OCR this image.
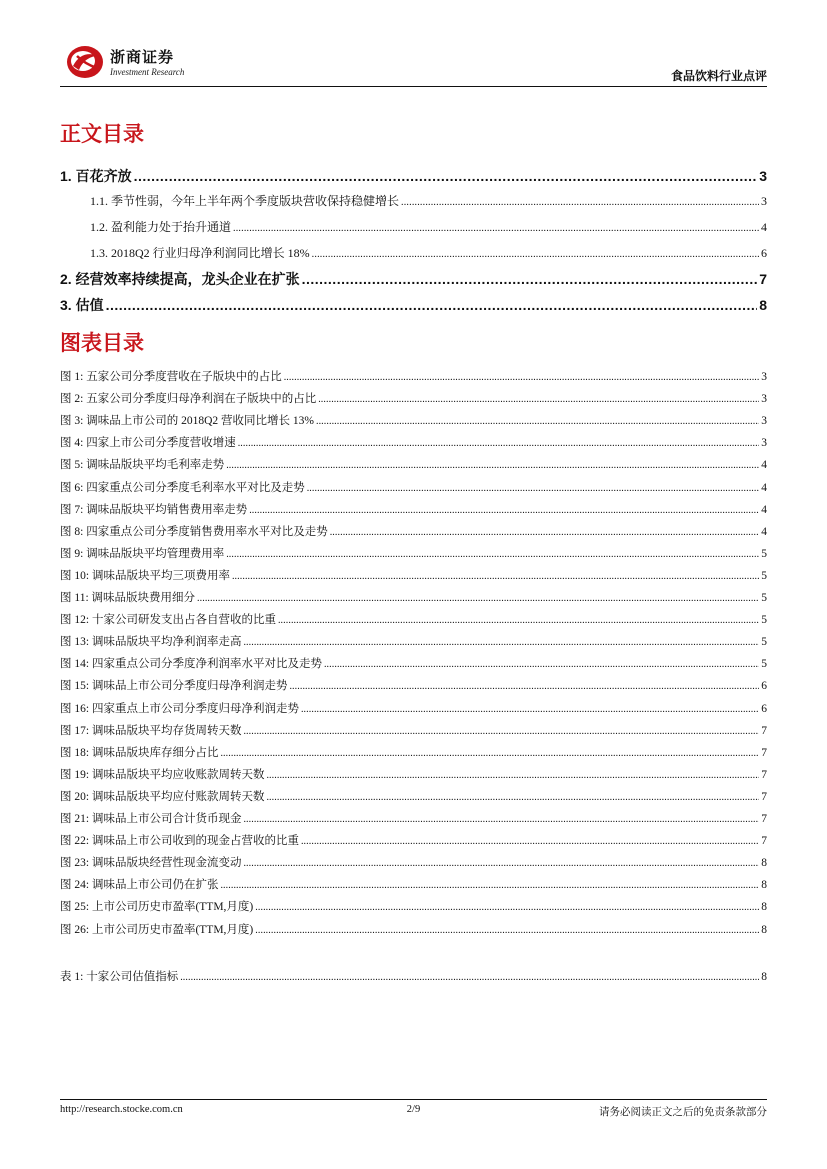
浙商证券
Investment Research	食品饮料行业点评
正文目录
1. 百花齐放 .....	3
1.1. 季节性弱，今年上半年两个季度版块营收保持稳健增长 .....	3
1.2. 盈利能力处于抬升通道 .....	4
1.3. 2018Q2 行业归母净利润同比增长 18% .....	6
2. 经营效率持续提高，龙头企业在扩张 .....	7
3. 估值 .....	8
图表目录
图 1: 五家公司分季度营收在子版块中的占比 .....	3
图 2: 五家公司分季度归母净利润在子版块中的占比 .....	3
图 3: 调味品上市公司的 2018Q2 营收同比增长 13% .....	3
图 4: 四家上市公司分季度营收增速 .....	3
图 5: 调味品版块平均毛利率走势 .....	4
图 6: 四家重点公司分季度毛利率水平对比及走势 .....	4
图 7: 调味品版块平均销售费用率走势 .....	4
图 8: 四家重点公司分季度销售费用率水平对比及走势 .....	4
图 9: 调味品版块平均管理费用率 .....	5
图 10: 调味品版块平均三项费用率 .....	5
图 11: 调味品版块费用细分 .....	5
图 12: 十家公司研发支出占各自营收的比重 .....	5
图 13: 调味品版块平均净利润率走高 .....	5
图 14: 四家重点公司分季度净利润率水平对比及走势 .....	5
图 15: 调味品上市公司分季度归母净利润走势 .....	6
图 16: 四家重点上市公司分季度归母净利润走势 .....	6
图 17: 调味品版块平均存货周转天数 .....	7
图 18: 调味品版块库存细分占比 .....	7
图 19: 调味品版块平均应收账款周转天数 .....	7
图 20: 调味品版块平均应付账款周转天数 .....	7
图 21: 调味品上市公司合计货币现金 .....	7
图 22: 调味品上市公司收到的现金占营收的比重 .....	7
图 23: 调味品版块经营性现金流变动 .....	8
图 24: 调味品上市公司仍在扩张 .....	8
图 25: 上市公司历史市盈率(TTM,月度) .....	8
图 26: 上市公司历史市盈率(TTM,月度) .....	8
表 1: 十家公司估值指标 .....	8
http://research.stocke.com.cn	2/9	请务必阅读正文之后的免责条款部分
